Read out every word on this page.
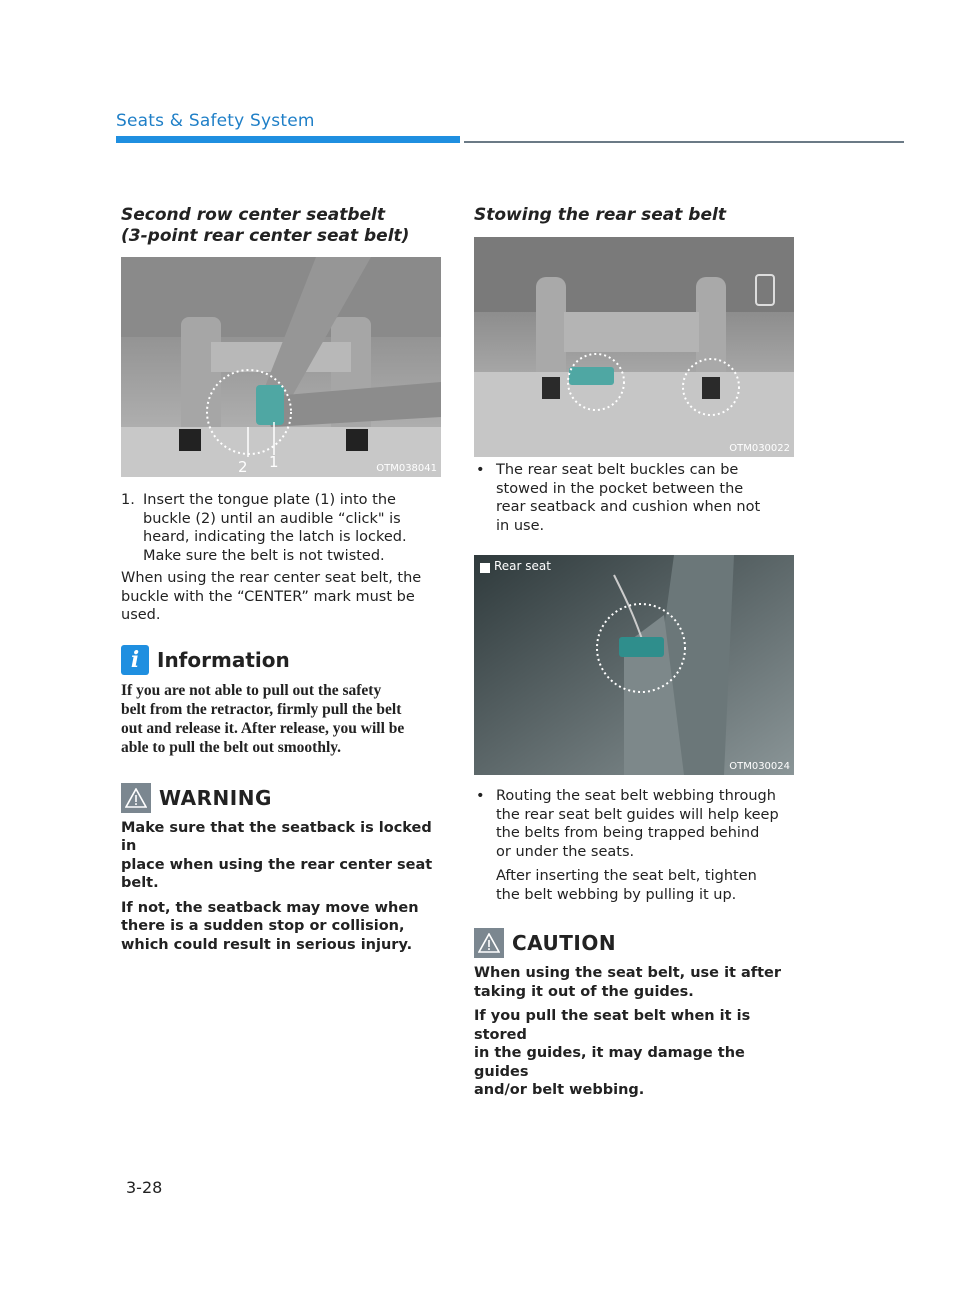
Seats & Safety System
Second row center seatbelt
(3-point rear center seat belt)
2 1	OTM038041
1. Insert the tongue plate (1) into the
buckle (2) until an audible “click" is
heard, indicating the latch is locked.
Make sure the belt is not twisted.
When using the rear center seat belt, the
buckle with the “CENTER” mark must be
used.
i Information
If you are not able to pull out the safety
belt from the retractor, firmly pull the belt
out and release it. After release, you will be
able to pull the belt out smoothly.
WARNING
Make sure that the seatback is locked in
place when using the rear center seat
belt.
If not, the seatback may move when
there is a sudden stop or collision,
which could result in serious injury.
Stowing the rear seat belt
OTM030022
• The rear seat belt buckles can be
stowed in the pocket between the
rear seatback and cushion when not
in use.
Rear seat
OTM030024
• Routing the seat belt webbing through
the rear seat belt guides will help keep
the belts from being trapped behind
or under the seats.
After inserting the seat belt, tighten
the belt webbing by pulling it up.
CAUTION
When using the seat belt, use it after
taking it out of the guides.
If you pull the seat belt when it is stored
in the guides, it may damage the guides
and/or belt webbing.
3-28
